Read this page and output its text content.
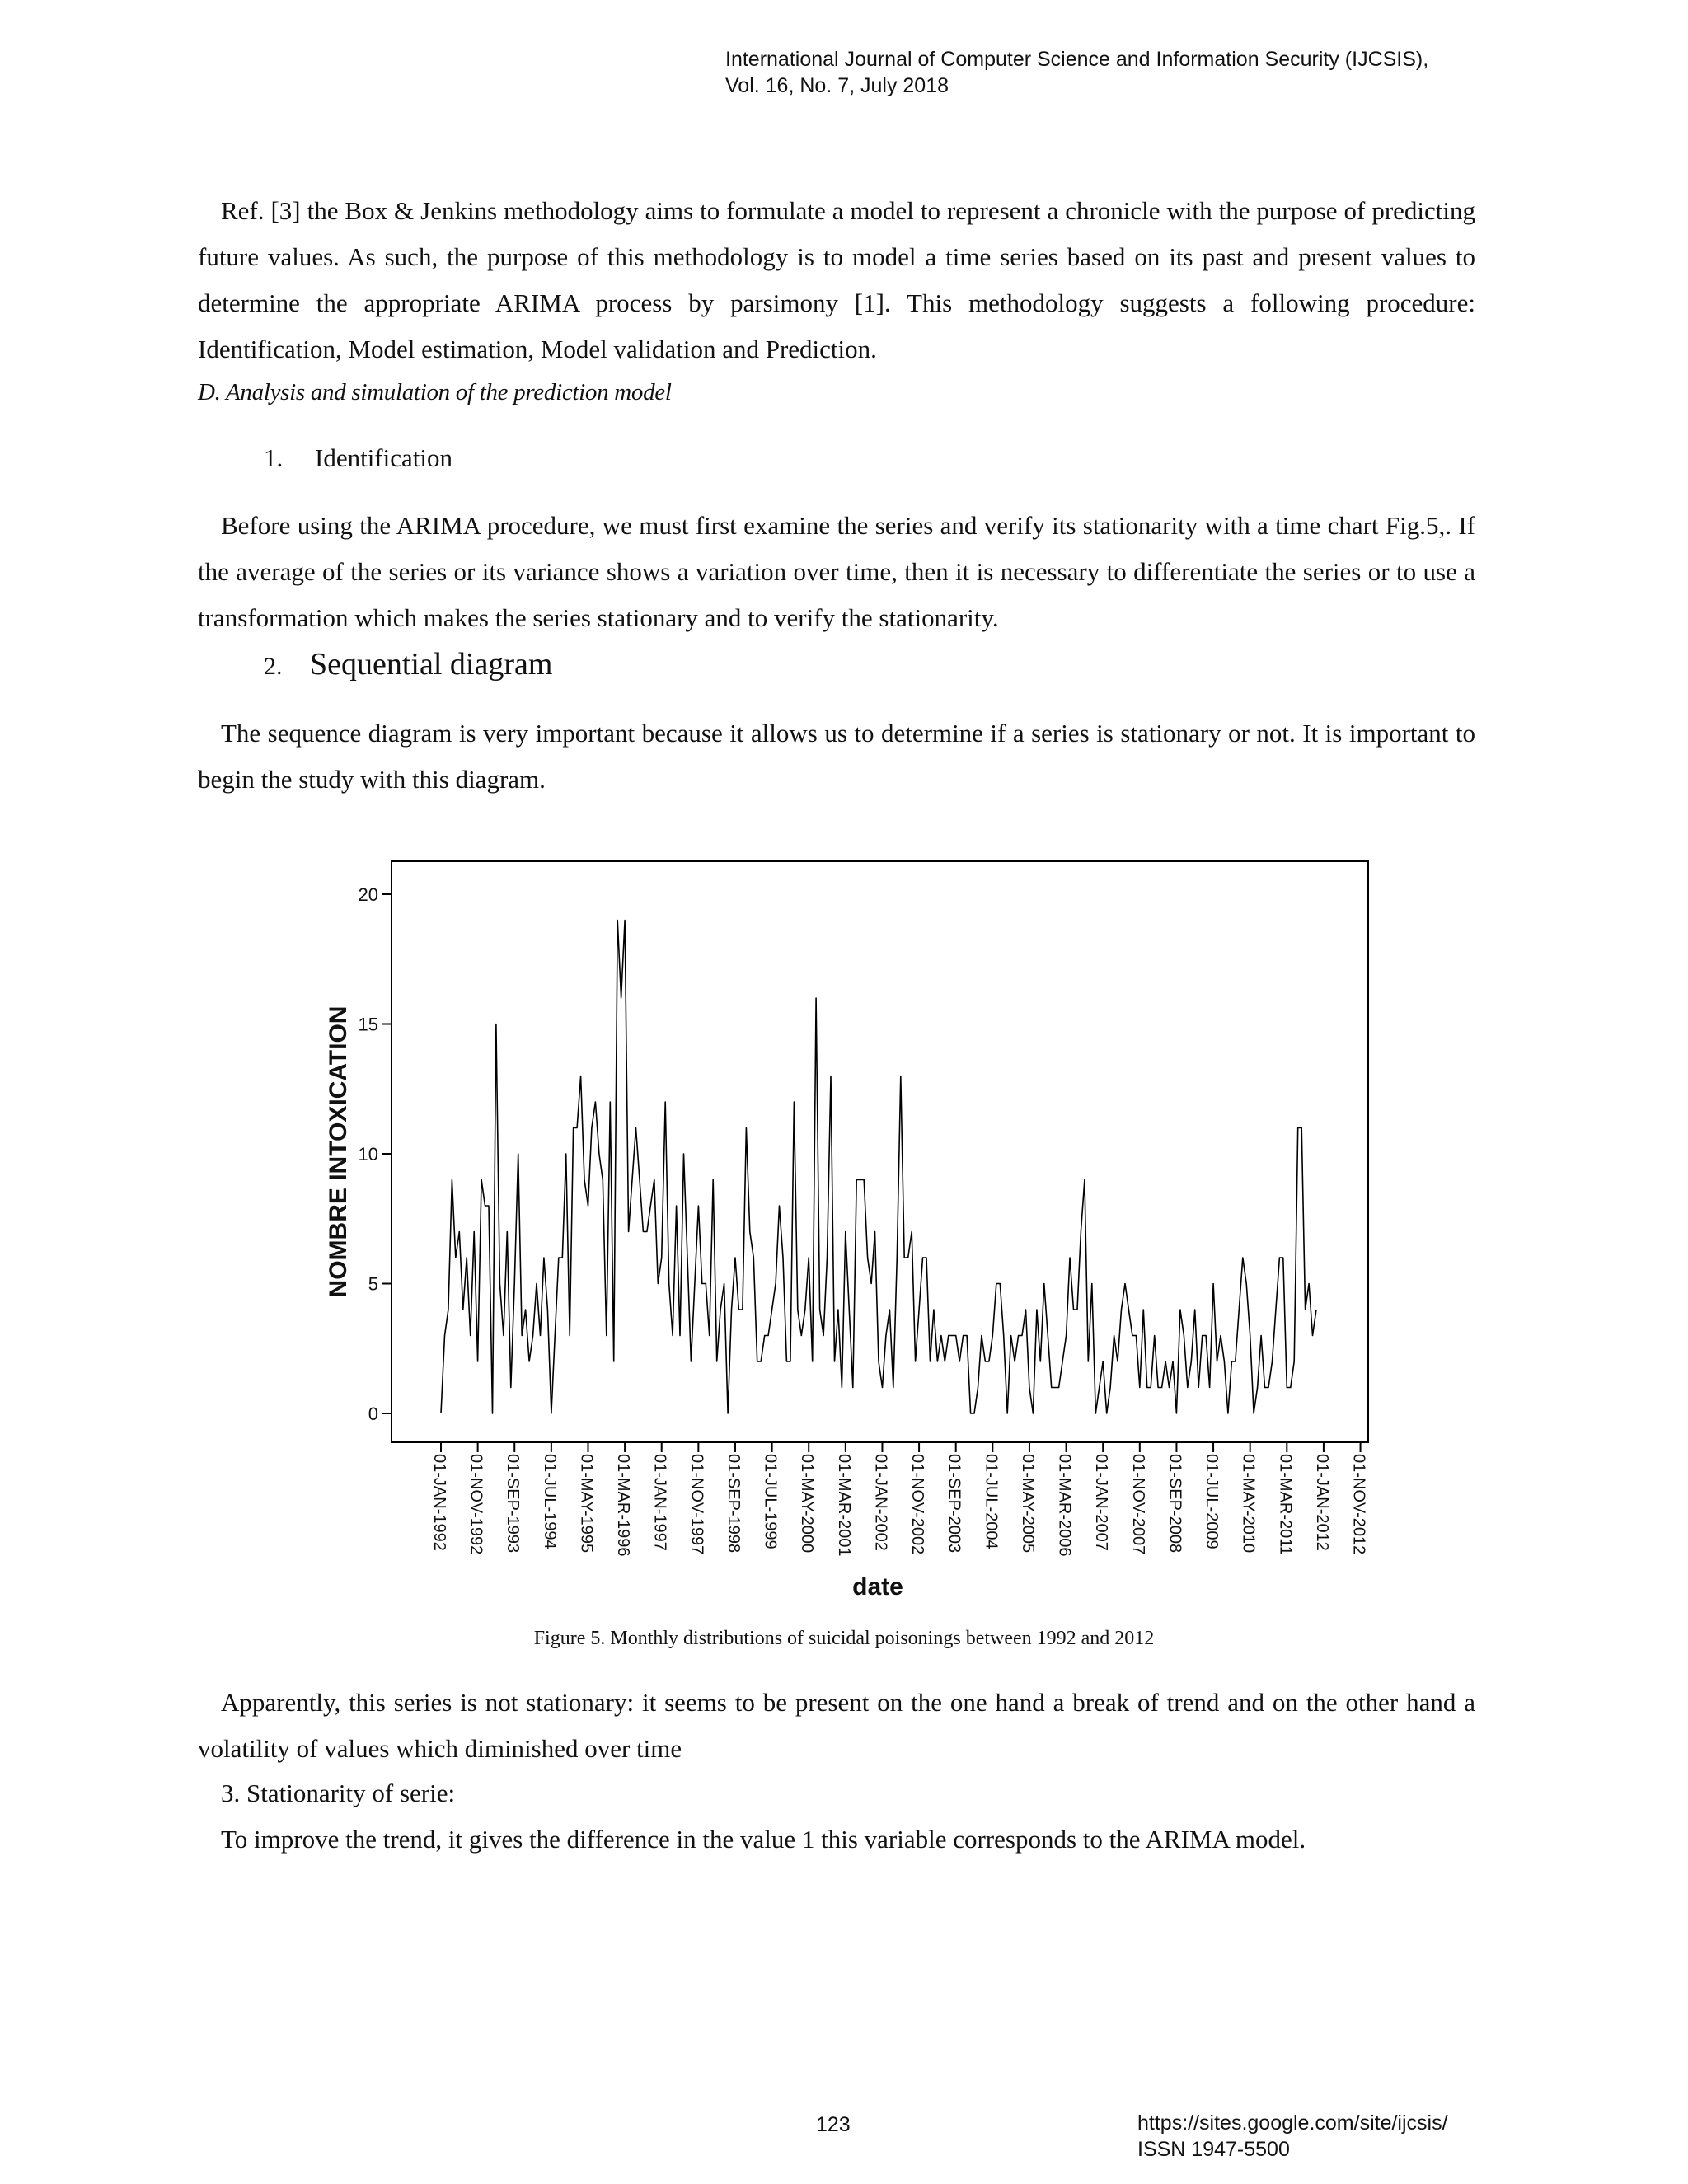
International Journal of Computer Science and Information Security (IJCSIS),
Vol. 16, No. 7, July 2018

Ref. [3] the Box & Jenkins methodology aims to formulate a model to represent a chronicle with the purpose of predicting future values. As such, the purpose of this methodology is to model a time series based on its past and present values to determine the appropriate ARIMA process by parsimony [1]. This methodology suggests a following procedure: Identification, Model estimation, Model validation and Prediction.

D. Analysis and simulation of the prediction model
1. Identification

Before using the ARIMA procedure, we must first examine the series and verify its stationarity with a time chart Fig.5,. If the average of the series or its variance shows a variation over time, then it is necessary to differentiate the series or to use a transformation which makes the series stationary and to verify the stationarity.

2. Sequential diagram

The sequence diagram is very important because it allows us to determine if a series is stationary or not. It is important to begin the study with this diagram.

0
5
10
15
20
NOMBRE INTOXICATION
01-JAN-1992 01-NOV-1992 01-SEP-1993 01-JUL-1994 01-MAY-1995 01-MAR-1996 01-JAN-1997 01-NOV-1997 01-SEP-1998 01-JUL-1999 01-MAY-2000 01-MAR-2001 01-JAN-2002 01-NOV-2002 01-SEP-2003 01-JUL-2004 01-MAY-2005 01-MAR-2006 01-JAN-2007 01-NOV-2007 01-SEP-2008 01-JUL-2009 01-MAY-2010 01-MAR-2011 01-JAN-2012 01-NOV-2012
date
Figure 5. Monthly distributions of suicidal poisonings between 1992 and 2012

Apparently, this series is not stationary: it seems to be present on the one hand a break of trend and on the other hand a volatility of values which diminished over time

3. Stationarity of serie:
To improve the trend, it gives the difference in the value 1 this variable corresponds to the ARIMA model.
123	https://sites.google.com/site/ijcsis/
ISSN 1947-5500
